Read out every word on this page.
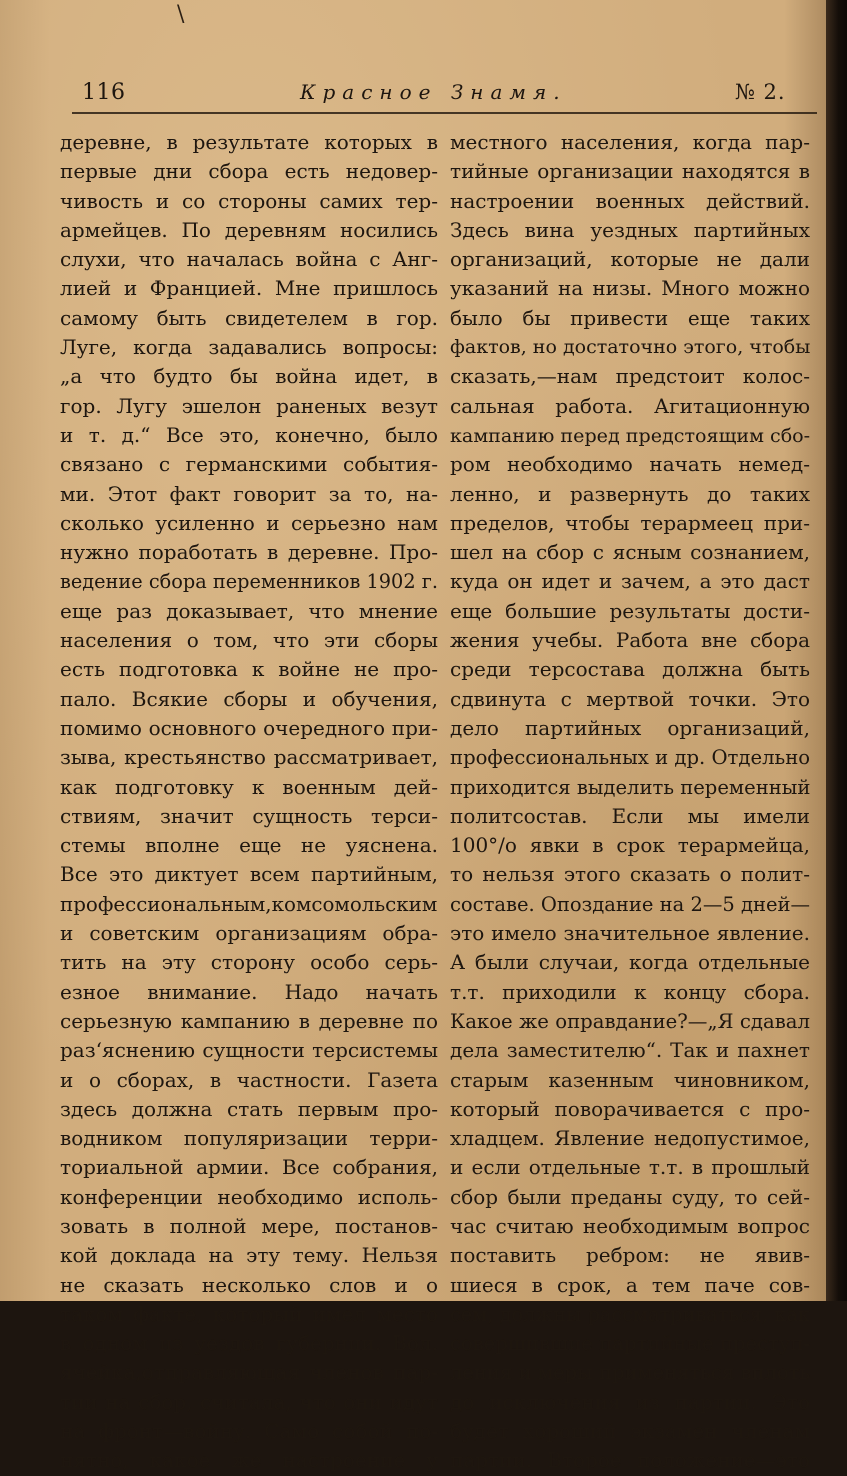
\
116	Красное Знамя.	№ 2.
деревне, в результате которых в
первые дни сбора есть недовер-
чивость и со стороны самих тер-
армейцев. По деревням носились
слухи, что началась война с Анг-
лией и Францией. Мне пришлось
самому быть свидетелем в гор.
Луге, когда задавались вопросы:
„а что будто бы война идет, в
гор. Лугу эшелон раненых везут
и т. д.“ Все это, конечно, было
связано с германскими события-
ми. Этот факт говорит за то, на-
сколько усиленно и серьезно нам
нужно поработать в деревне. Про-
ведение сбора переменников 1902 г.
еще раз доказывает, что мнение
населения о том, что эти сборы
есть подготовка к войне не про-
пало. Всякие сборы и обучения,
помимо основного очередного при-
зыва, крестьянство рассматривает,
как подготовку к военным дей-
ствиям, значит сущность терси-
стемы вполне еще не уяснена.
Все это диктует всем партийным,
профессиональным,комсомольским
и советским организациям обра-
тить на эту сторону особо серь-
езное внимание. Надо начать
серьезную кампанию в деревне по
раз‘яснению сущности терсистемы
и о сборах, в частности. Газета
здесь должна стать первым про-
водником популяризации терри-
ториальной армии. Все собрания,
конференции необходимо исполь-
зовать в полной мере, постанов-
кой доклада на эту тему. Нельзя
не сказать несколько слов и о
таком факте, который имел место
в одном из уездов губернии. Вол.
ячейка,отправляющая членов пар-
тии на сбор, считала, что они идут
на фронт—войну. Само собой по-
нятно, какое же настроение у
местного населения, когда пар-
тийные организации находятся в
настроении военных действий.
Здесь вина уездных партийных
организаций, которые не дали
указаний на низы. Много можно
было бы привести еще таких
фактов, но достаточно этого, чтобы
сказать,—нам предстоит колос-
сальная работа. Агитационную
кампанию перед предстоящим сбо-
ром необходимо начать немед-
ленно, и развернуть до таких
пределов, чтобы терармеец при-
шел на сбор с ясным сознанием,
куда он идет и зачем, а это даст
еще большие результаты дости-
жения учебы. Работа вне сбора
среди терсостава должна быть
сдвинута с мертвой точки. Это
дело партийных организаций,
профессиональных и др. Отдельно
приходится выделить переменный
политсостав. Если мы имели
100°/о явки в срок терармейца,
то нельзя этого сказать о полит-
составе. Опоздание на 2—5 дней—
это имело значительное явление.
А были случаи, когда отдельные
т.т. приходили к концу сбора.
Какое же оправдание?—„Я сдавал
дела заместителю“. Так и пахнет
старым казенным чиновником,
который поворачивается с про-
хладцем. Явление недопустимое,
и если отдельные т.т. в прошлый
сбор были преданы суду, то сей-
час считаю необходимым вопрос
поставить ребром: не явив-
шиеся в срок, а тем паче сов-
сем, должны рассматриваться, как
совершившие партийные преступ-
ления и меры применяться вплоть
до исключения из партии. Это
будет хороший экзамен членам
партии. Второе положение—это
